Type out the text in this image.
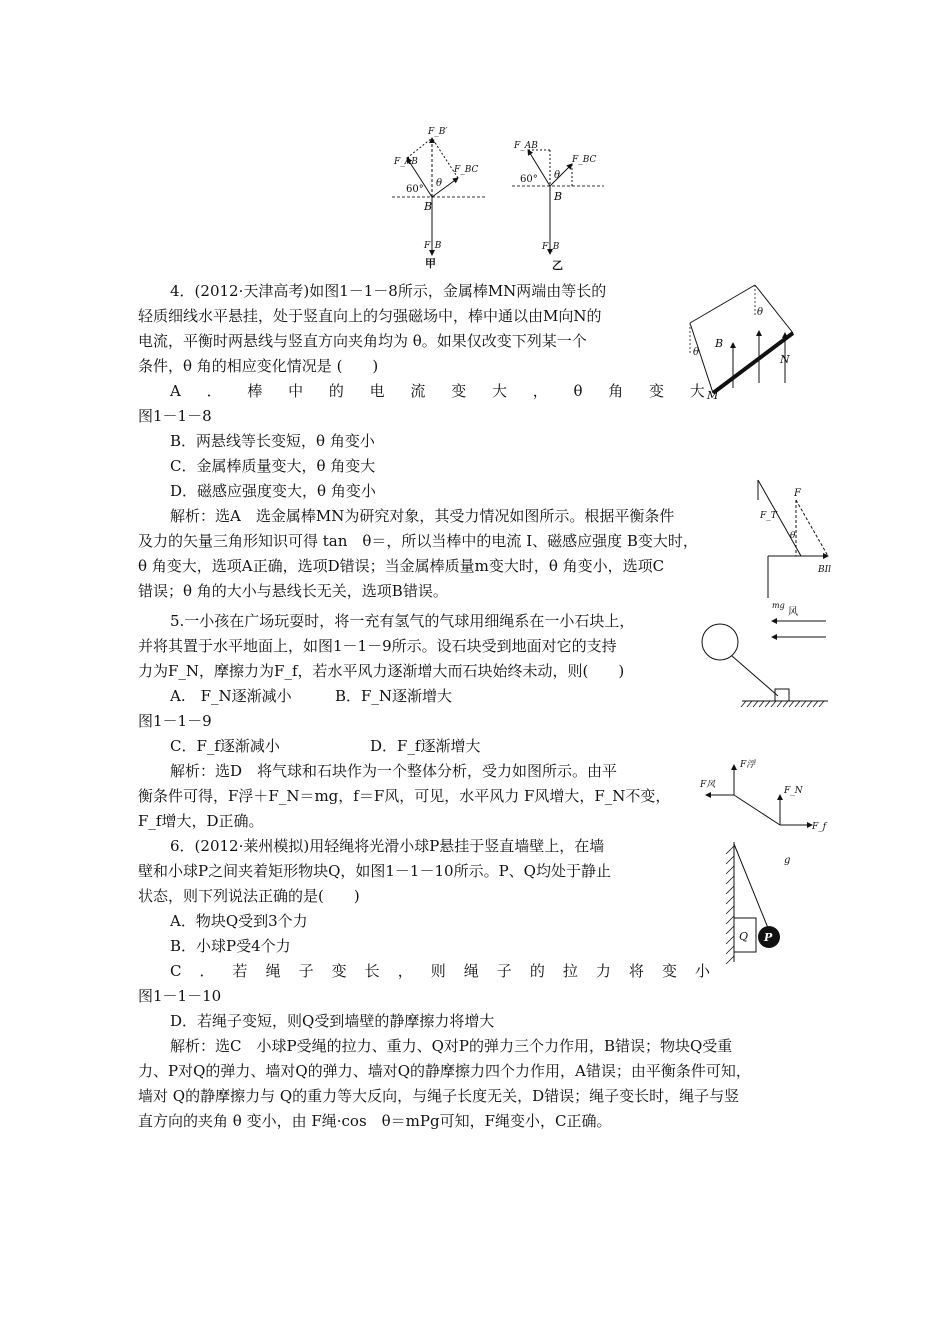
F_B′
F_AB
F_BC
60°
θ
B
F_B
甲
F_AB
F_BC
60° θ
B
F_B
乙
4．(2012·天津高考)如图1－1－8所示，金属棒MN两端由等长的
轻质细线水平悬挂，处于竖直向上的匀强磁场中，棒中通以由M向N的
电流，平衡时两悬线与竖直方向夹角均为 θ。如果仅改变下列某一个
条件，θ 角的相应变化情况是 (　　)
A ． 棒 中 的 电 流 变 大 ， θ 角 变 大
图1－1－8
B．两悬线等长变短，θ 角变小
C．金属棒质量变大，θ 角变大
D．磁感应强度变大，θ 角变小
解析：选A　选金属棒MN为研究对象，其受力情况如图所示。根据平衡条件
及力的矢量三角形知识可得 tan　θ＝，所以当棒中的电流 I、磁感应强度 B变大时，
θ 角变大，选项A正确，选项D错误；当金属棒质量m变大时，θ 角变小，选项C
错误；θ 角的大小与悬线长无关，选项B错误。
θ
θ
B
M
N
F
F_T
θ
BIl
mg
5.一小孩在广场玩耍时，将一充有氢气的气球用细绳系在一小石块上，
并将其置于水平地面上，如图1－1－9所示。设石块受到地面对它的支持
力为F_N，摩擦力为F_f，若水平风力逐渐增大而石块始终未动，则(　　)
A.　F_N逐渐减小	B．F_N逐渐增大
图1－1－9
C．F_f逐渐减小	D．F_f逐渐增大
解析：选D　将气球和石块作为一个整体分析，受力如图所示。由平
衡条件可得，F浮＋F_N＝mg，f＝F风，可见，水平风力 F风增大，F_N不变，
F_f增大，D正确。
风
F浮
F风
F_N
F_f
g
6．(2012·莱州模拟)用轻绳将光滑小球P悬挂于竖直墙壁上，在墙
壁和小球P之间夹着矩形物块Q，如图1－1－10所示。P、Q均处于静止
状态，则下列说法正确的是(　　)
A．物块Q受到3个力
B．小球P受4个力
C ． 若 绳 子 变 长 ， 则 绳 子 的 拉 力 将 变 小
图1－1－10
D．若绳子变短，则Q受到墙壁的静摩擦力将增大
解析：选C　小球P受绳的拉力、重力、Q对P的弹力三个力作用，B错误；物块Q受重
力、P对Q的弹力、墙对Q的弹力、墙对Q的静摩擦力四个力作用，A错误；由平衡条件可知，
墙对 Q的静摩擦力与 Q的重力等大反向，与绳子长度无关，D错误；绳子变长时，绳子与竖
直方向的夹角 θ 变小，由 F绳·cos　θ＝mPg可知，F绳变小，C正确。
Q P
